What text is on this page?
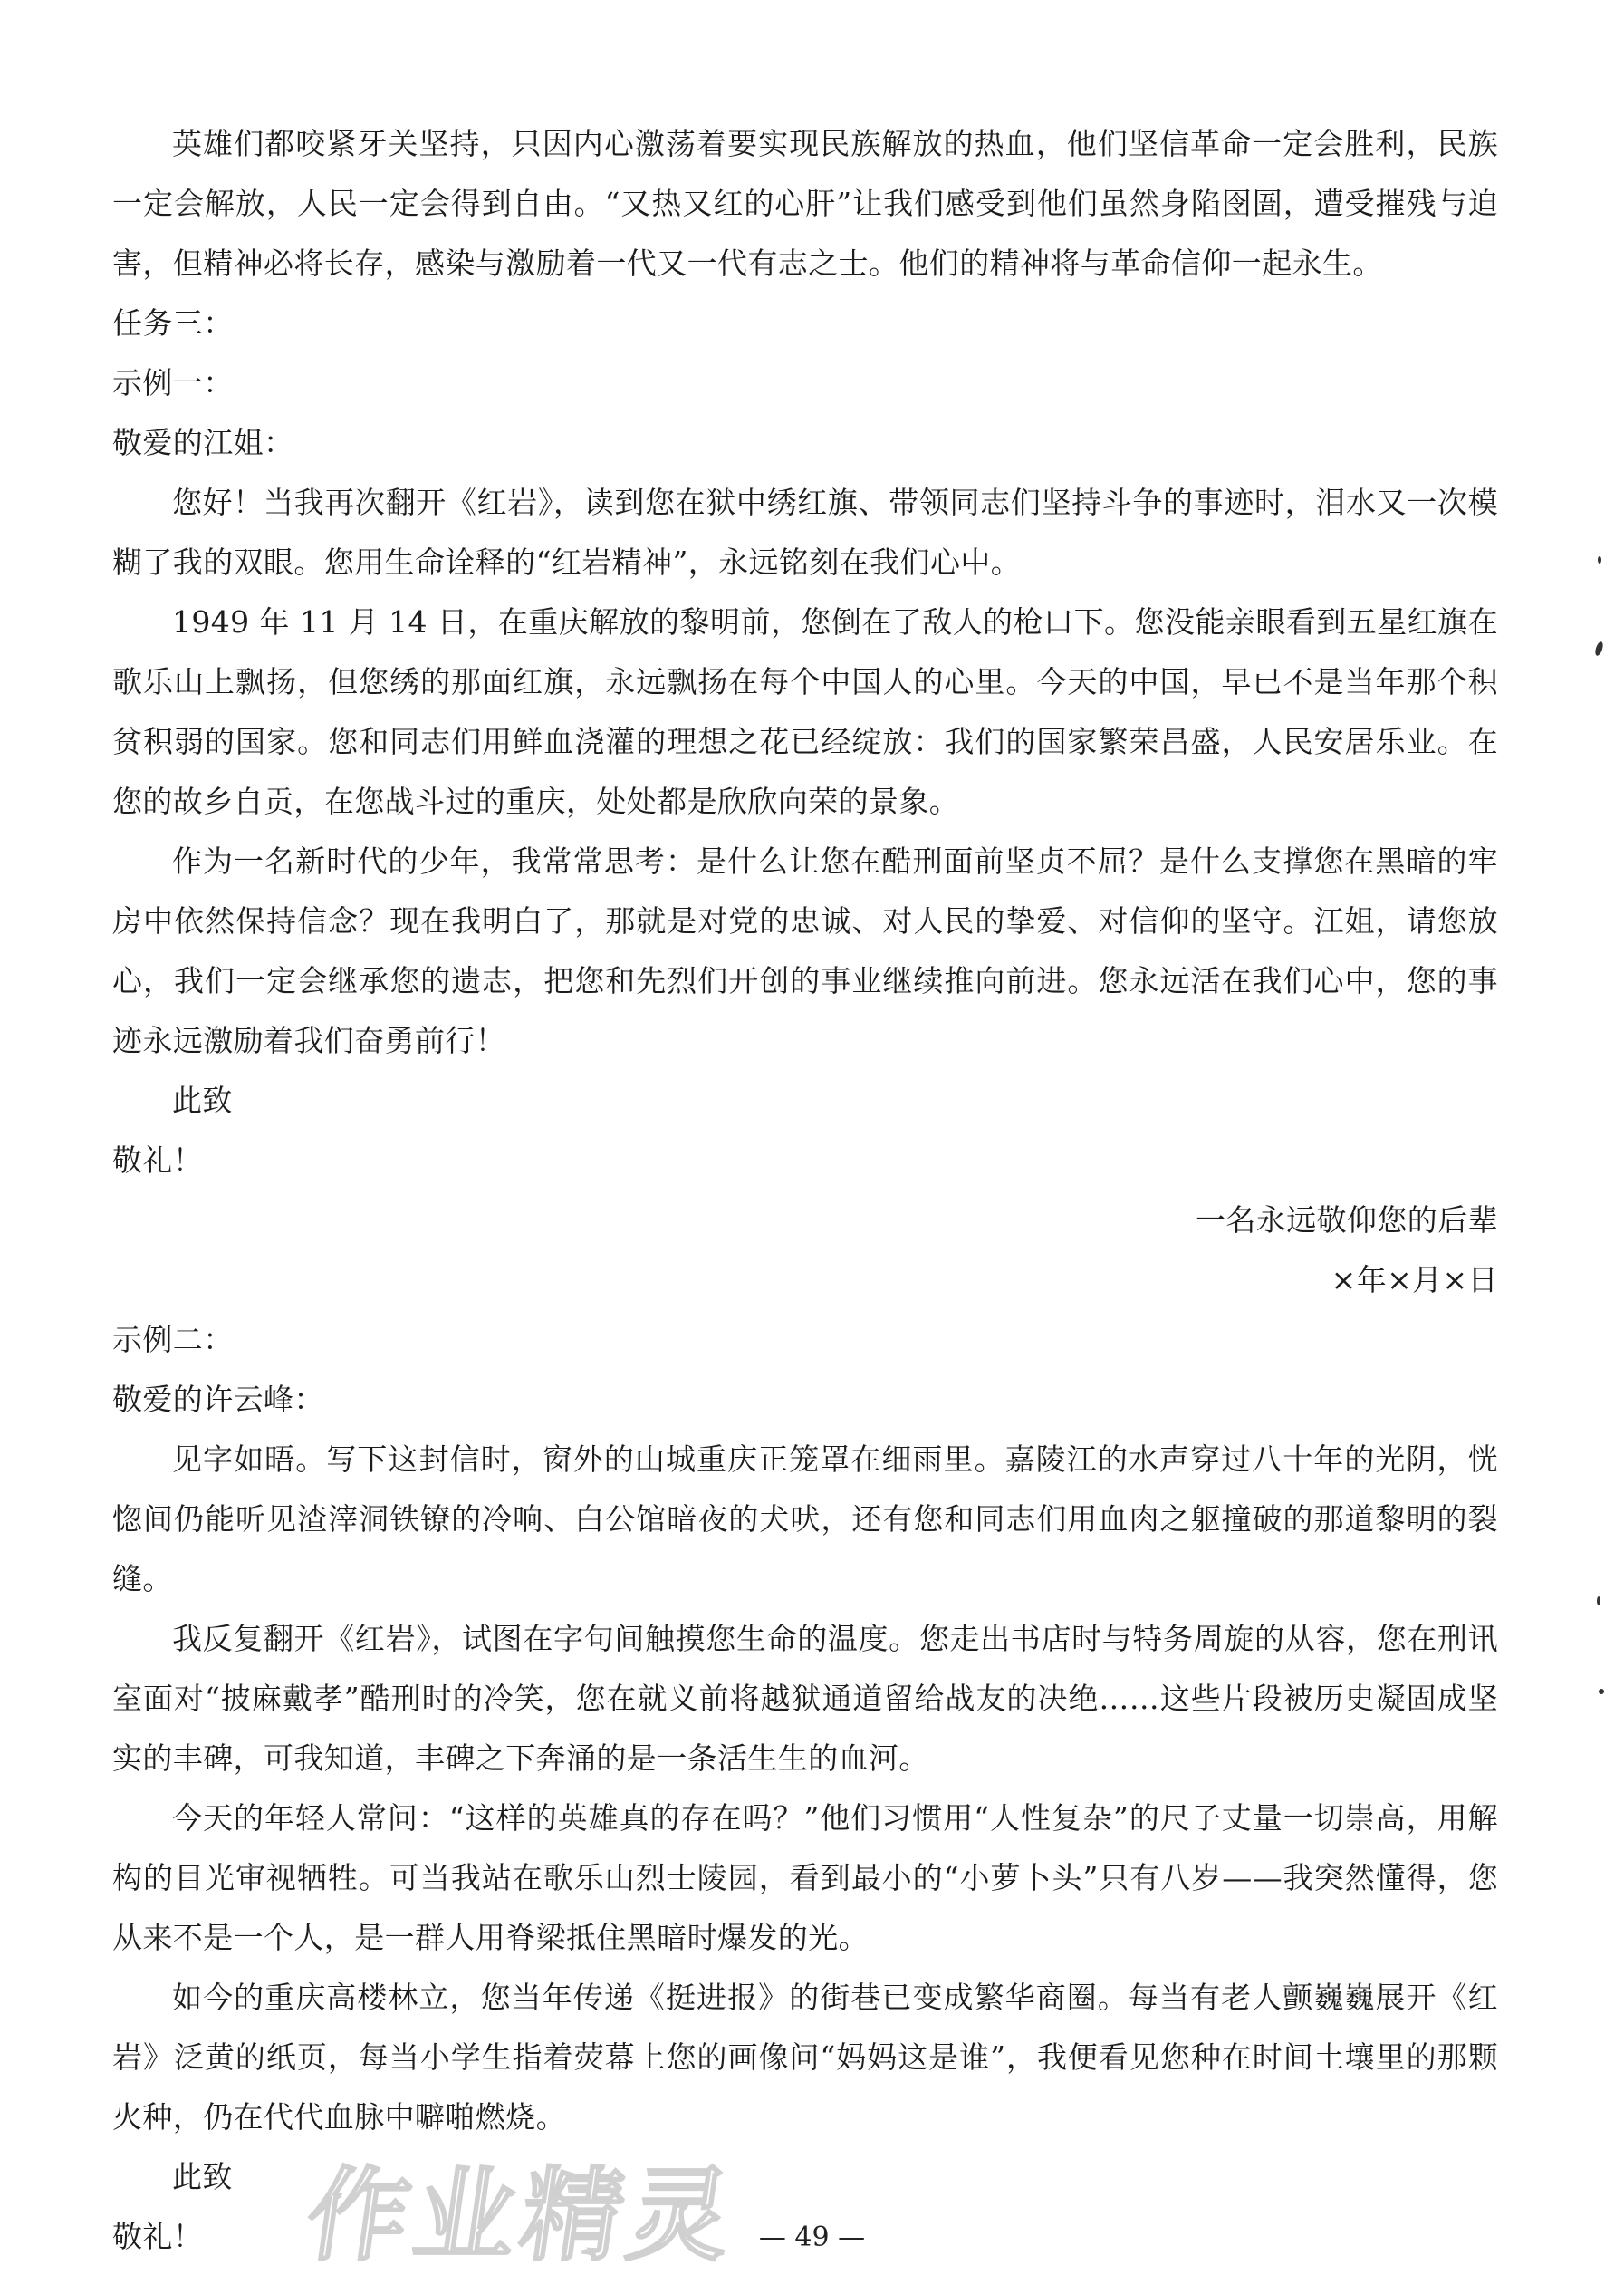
英雄们都咬紧牙关坚持，只因内心激荡着要实现民族解放的热血，他们坚信革命一定会胜利，民族一定会解放，人民一定会得到自由。“又热又红的心肝”让我们感受到他们虽然身陷囹圄，遭受摧残与迫害，但精神必将长存，感染与激励着一代又一代有志之士。他们的精神将与革命信仰一起永生。

任务三：

示例一：

敬爱的江姐：

您好！当我再次翻开《红岩》，读到您在狱中绣红旗、带领同志们坚持斗争的事迹时，泪水又一次模糊了我的双眼。您用生命诠释的“红岩精神”，永远铭刻在我们心中。

1949 年 11 月 14 日，在重庆解放的黎明前，您倒在了敌人的枪口下。您没能亲眼看到五星红旗在歌乐山上飘扬，但您绣的那面红旗，永远飘扬在每个中国人的心里。今天的中国，早已不是当年那个积贫积弱的国家。您和同志们用鲜血浇灌的理想之花已经绽放：我们的国家繁荣昌盛，人民安居乐业。在您的故乡自贡，在您战斗过的重庆，处处都是欣欣向荣的景象。

作为一名新时代的少年，我常常思考：是什么让您在酷刑面前坚贞不屈？是什么支撑您在黑暗的牢房中依然保持信念？现在我明白了，那就是对党的忠诚、对人民的挚爱、对信仰的坚守。江姐，请您放心，我们一定会继承您的遗志，把您和先烈们开创的事业继续推向前进。您永远活在我们心中，您的事迹永远激励着我们奋勇前行！

此致

敬礼！

一名永远敬仰您的后辈

×年×月×日

示例二：

敬爱的许云峰：

见字如晤。写下这封信时，窗外的山城重庆正笼罩在细雨里。嘉陵江的水声穿过八十年的光阴，恍惚间仍能听见渣滓洞铁镣的冷响、白公馆暗夜的犬吠，还有您和同志们用血肉之躯撞破的那道黎明的裂缝。

我反复翻开《红岩》，试图在字句间触摸您生命的温度。您走出书店时与特务周旋的从容，您在刑讯室面对“披麻戴孝”酷刑时的冷笑，您在就义前将越狱通道留给战友的决绝……这些片段被历史凝固成坚实的丰碑，可我知道，丰碑之下奔涌的是一条活生生的血河。

今天的年轻人常问：“这样的英雄真的存在吗？”他们习惯用“人性复杂”的尺子丈量一切崇高，用解构的目光审视牺牲。可当我站在歌乐山烈士陵园，看到最小的“小萝卜头”只有八岁——我突然懂得，您从来不是一个人，是一群人用脊梁抵住黑暗时爆发的光。

如今的重庆高楼林立，您当年传递《挺进报》的街巷已变成繁华商圈。每当有老人颤巍巍展开《红岩》泛黄的纸页，每当小学生指着荧幕上您的画像问“妈妈这是谁”，我便看见您种在时间土壤里的那颗火种，仍在代代血脉中噼啪燃烧。

此致

敬礼！ 作业精灵 — 49 —
